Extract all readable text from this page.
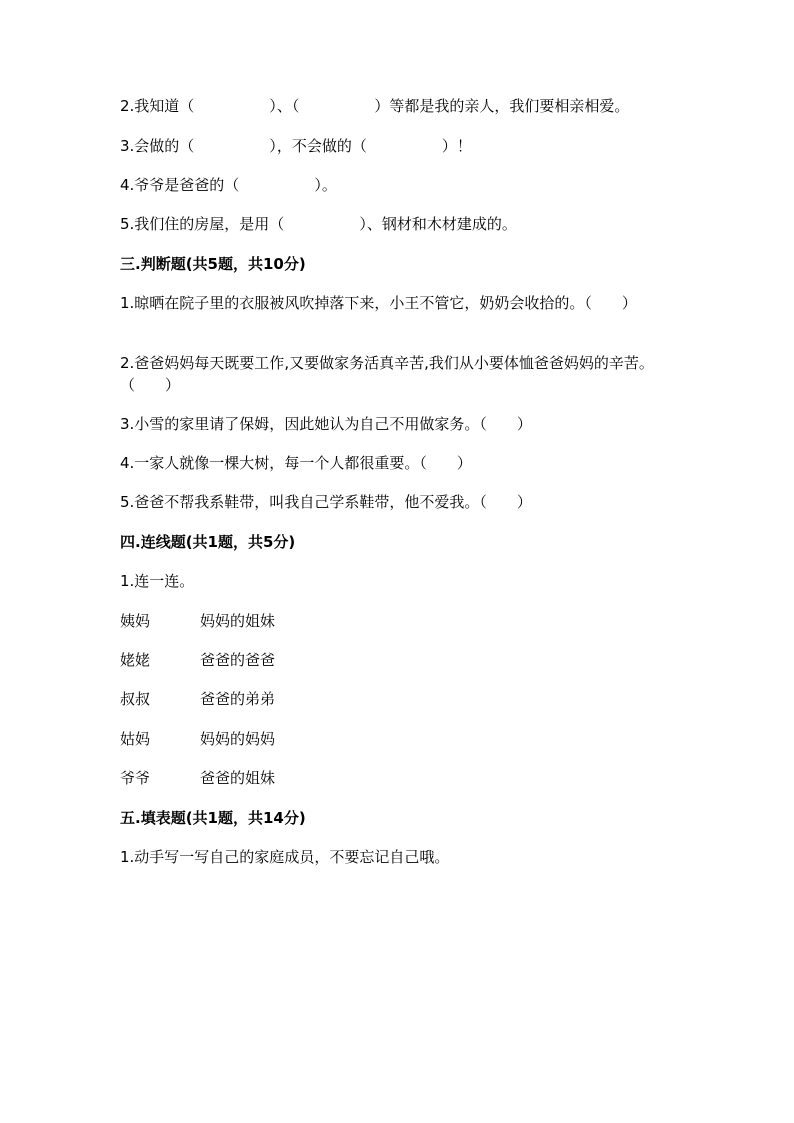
2.我知道（　　　　　）、（　　　　　）等都是我的亲人，我们要相亲相爱。
3.会做的（　　　　　），不会做的（　　　　　）！
4.爷爷是爸爸的（　　　　　）。
5.我们住的房屋，是用（　　　　　）、钢材和木材建成的。
三.判断题(共5题，共10分)
1.晾晒在院子里的衣服被风吹掉落下来，小王不管它，奶奶会收拾的。（　　）
2.爸爸妈妈每天既要工作,又要做家务活真辛苦,我们从小要体恤爸爸妈妈的辛苦。（　　）
3.小雪的家里请了保姆，因此她认为自己不用做家务。（　　）
4.一家人就像一棵大树，每一个人都很重要。（　　）
5.爸爸不帮我系鞋带，叫我自己学系鞋带，他不爱我。（　　）
四.连线题(共1题，共5分)
1.连一连。
姨妈	妈妈的姐妹
姥姥	爸爸的爸爸
叔叔	爸爸的弟弟
姑妈	妈妈的妈妈
爷爷	爸爸的姐妹
五.填表题(共1题，共14分)
1.动手写一写自己的家庭成员，不要忘记自己哦。
